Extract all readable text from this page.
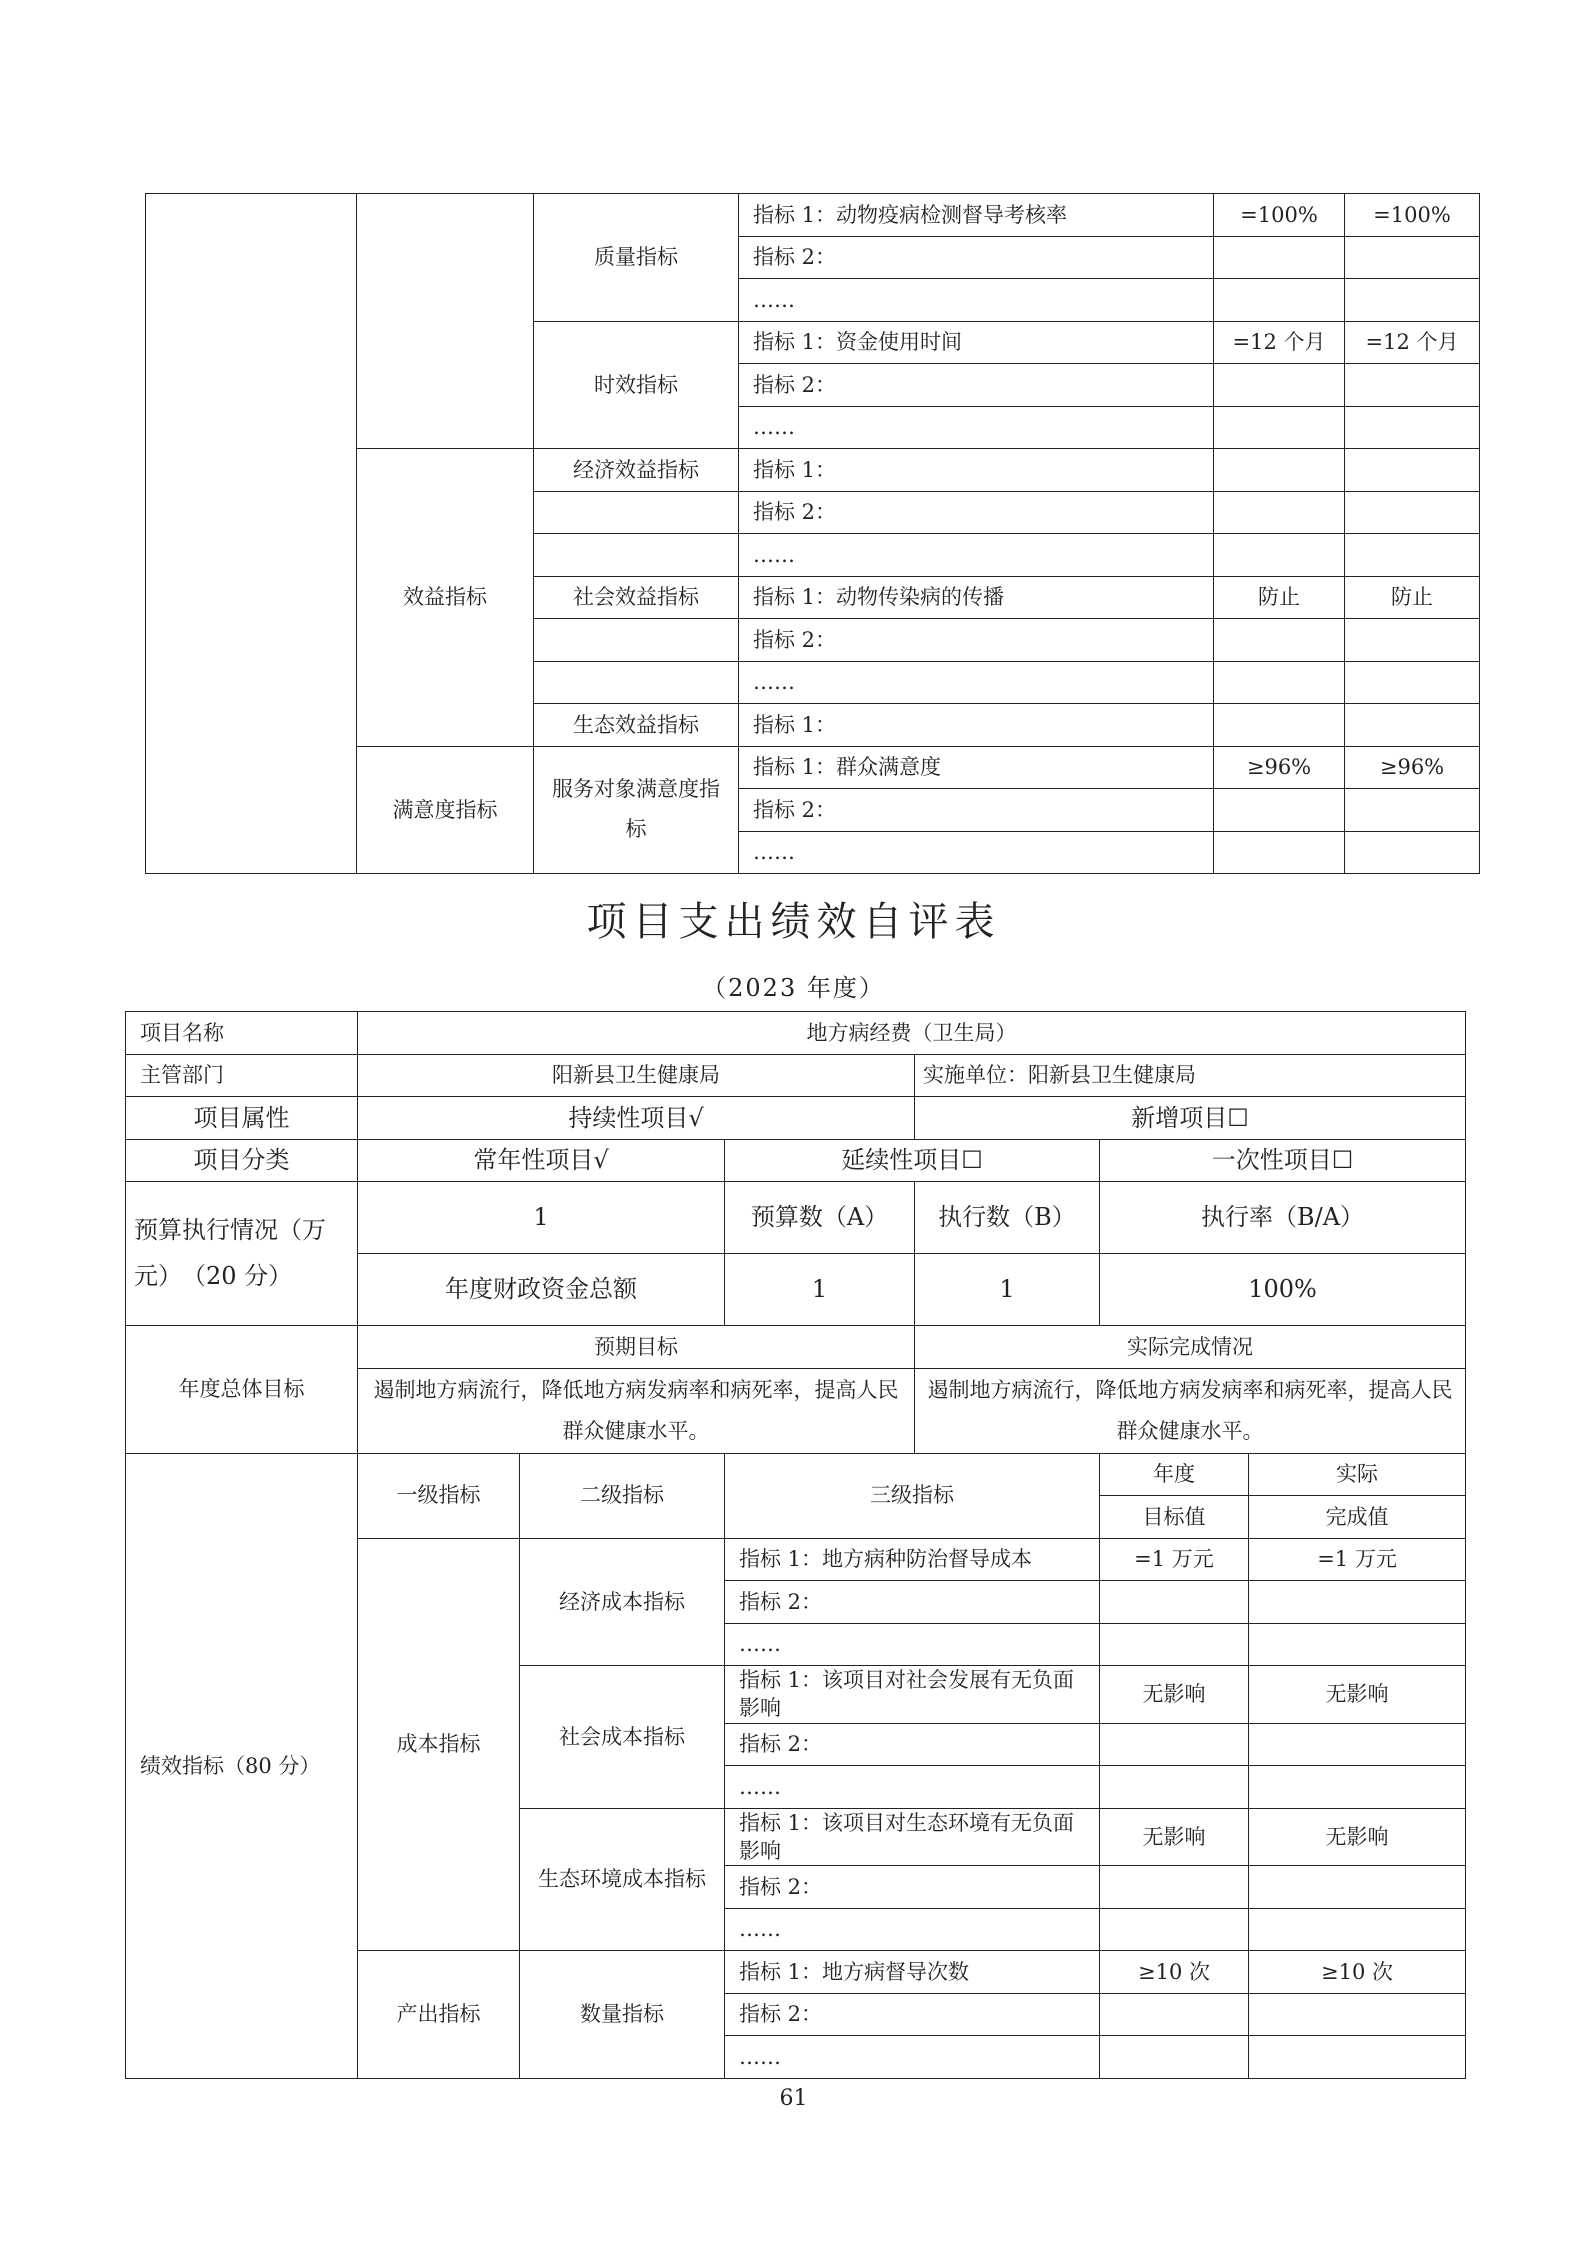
		质量指标	指标 1：动物疫病检测督导考核率	=100%	=100%
			指标 2：		
			……		
		时效指标	指标 1：资金使用时间	=12 个月	=12 个月
			指标 2：		
			……		
	效益指标	经济效益指标	指标 1：		
			指标 2：		
			……		
		社会效益指标	指标 1：动物传染病的传播	防止	防止
			指标 2：		
			……		
		生态效益指标	指标 1：		
	满意度指标	服务对象满意度指标	指标 1：群众满意度	≥96%	≥96%
			指标 2：		
			……		
项目支出绩效自评表
（2023 年度）
项目名称	地方病经费（卫生局）					
主管部门	阳新县卫生健康局			实施单位：阳新县卫生健康局		
项目属性	持续性项目√			新增项目☐		
项目分类	常年性项目√		延续性项目☐		一次性项目☐	
预算执行情况（万元）　（20 分）	1		预算数（A）	执行数（B）	执行率（B/A）	
	年度财政资金总额		1	1	100%	
年度总体目标	预期目标			实际完成情况		
	遏制地方病流行，降低地方病发病率和病死率，提高人民群众健康水平。			遏制地方病流行，降低地方病发病率和病死率，提高人民群众健康水平。		
绩效指标（80 分）	一级指标	二级指标	三级指标		年度	实际
					目标值	完成值
	成本指标	经济成本指标	指标 1：地方病种防治督导成本		=1 万元	=1 万元
			指标 2：			
			……			
		社会成本指标	指标 1：该项目对社会发展有无负面影响		无影响	无影响
			指标 2：			
			……			
		生态环境成本指标	指标 1：该项目对生态环境有无负面影响		无影响	无影响
			指标 2：			
			……			
	产出指标	数量指标	指标 1：地方病督导次数		≥10 次	≥10 次
			指标 2：			
			……			
61
